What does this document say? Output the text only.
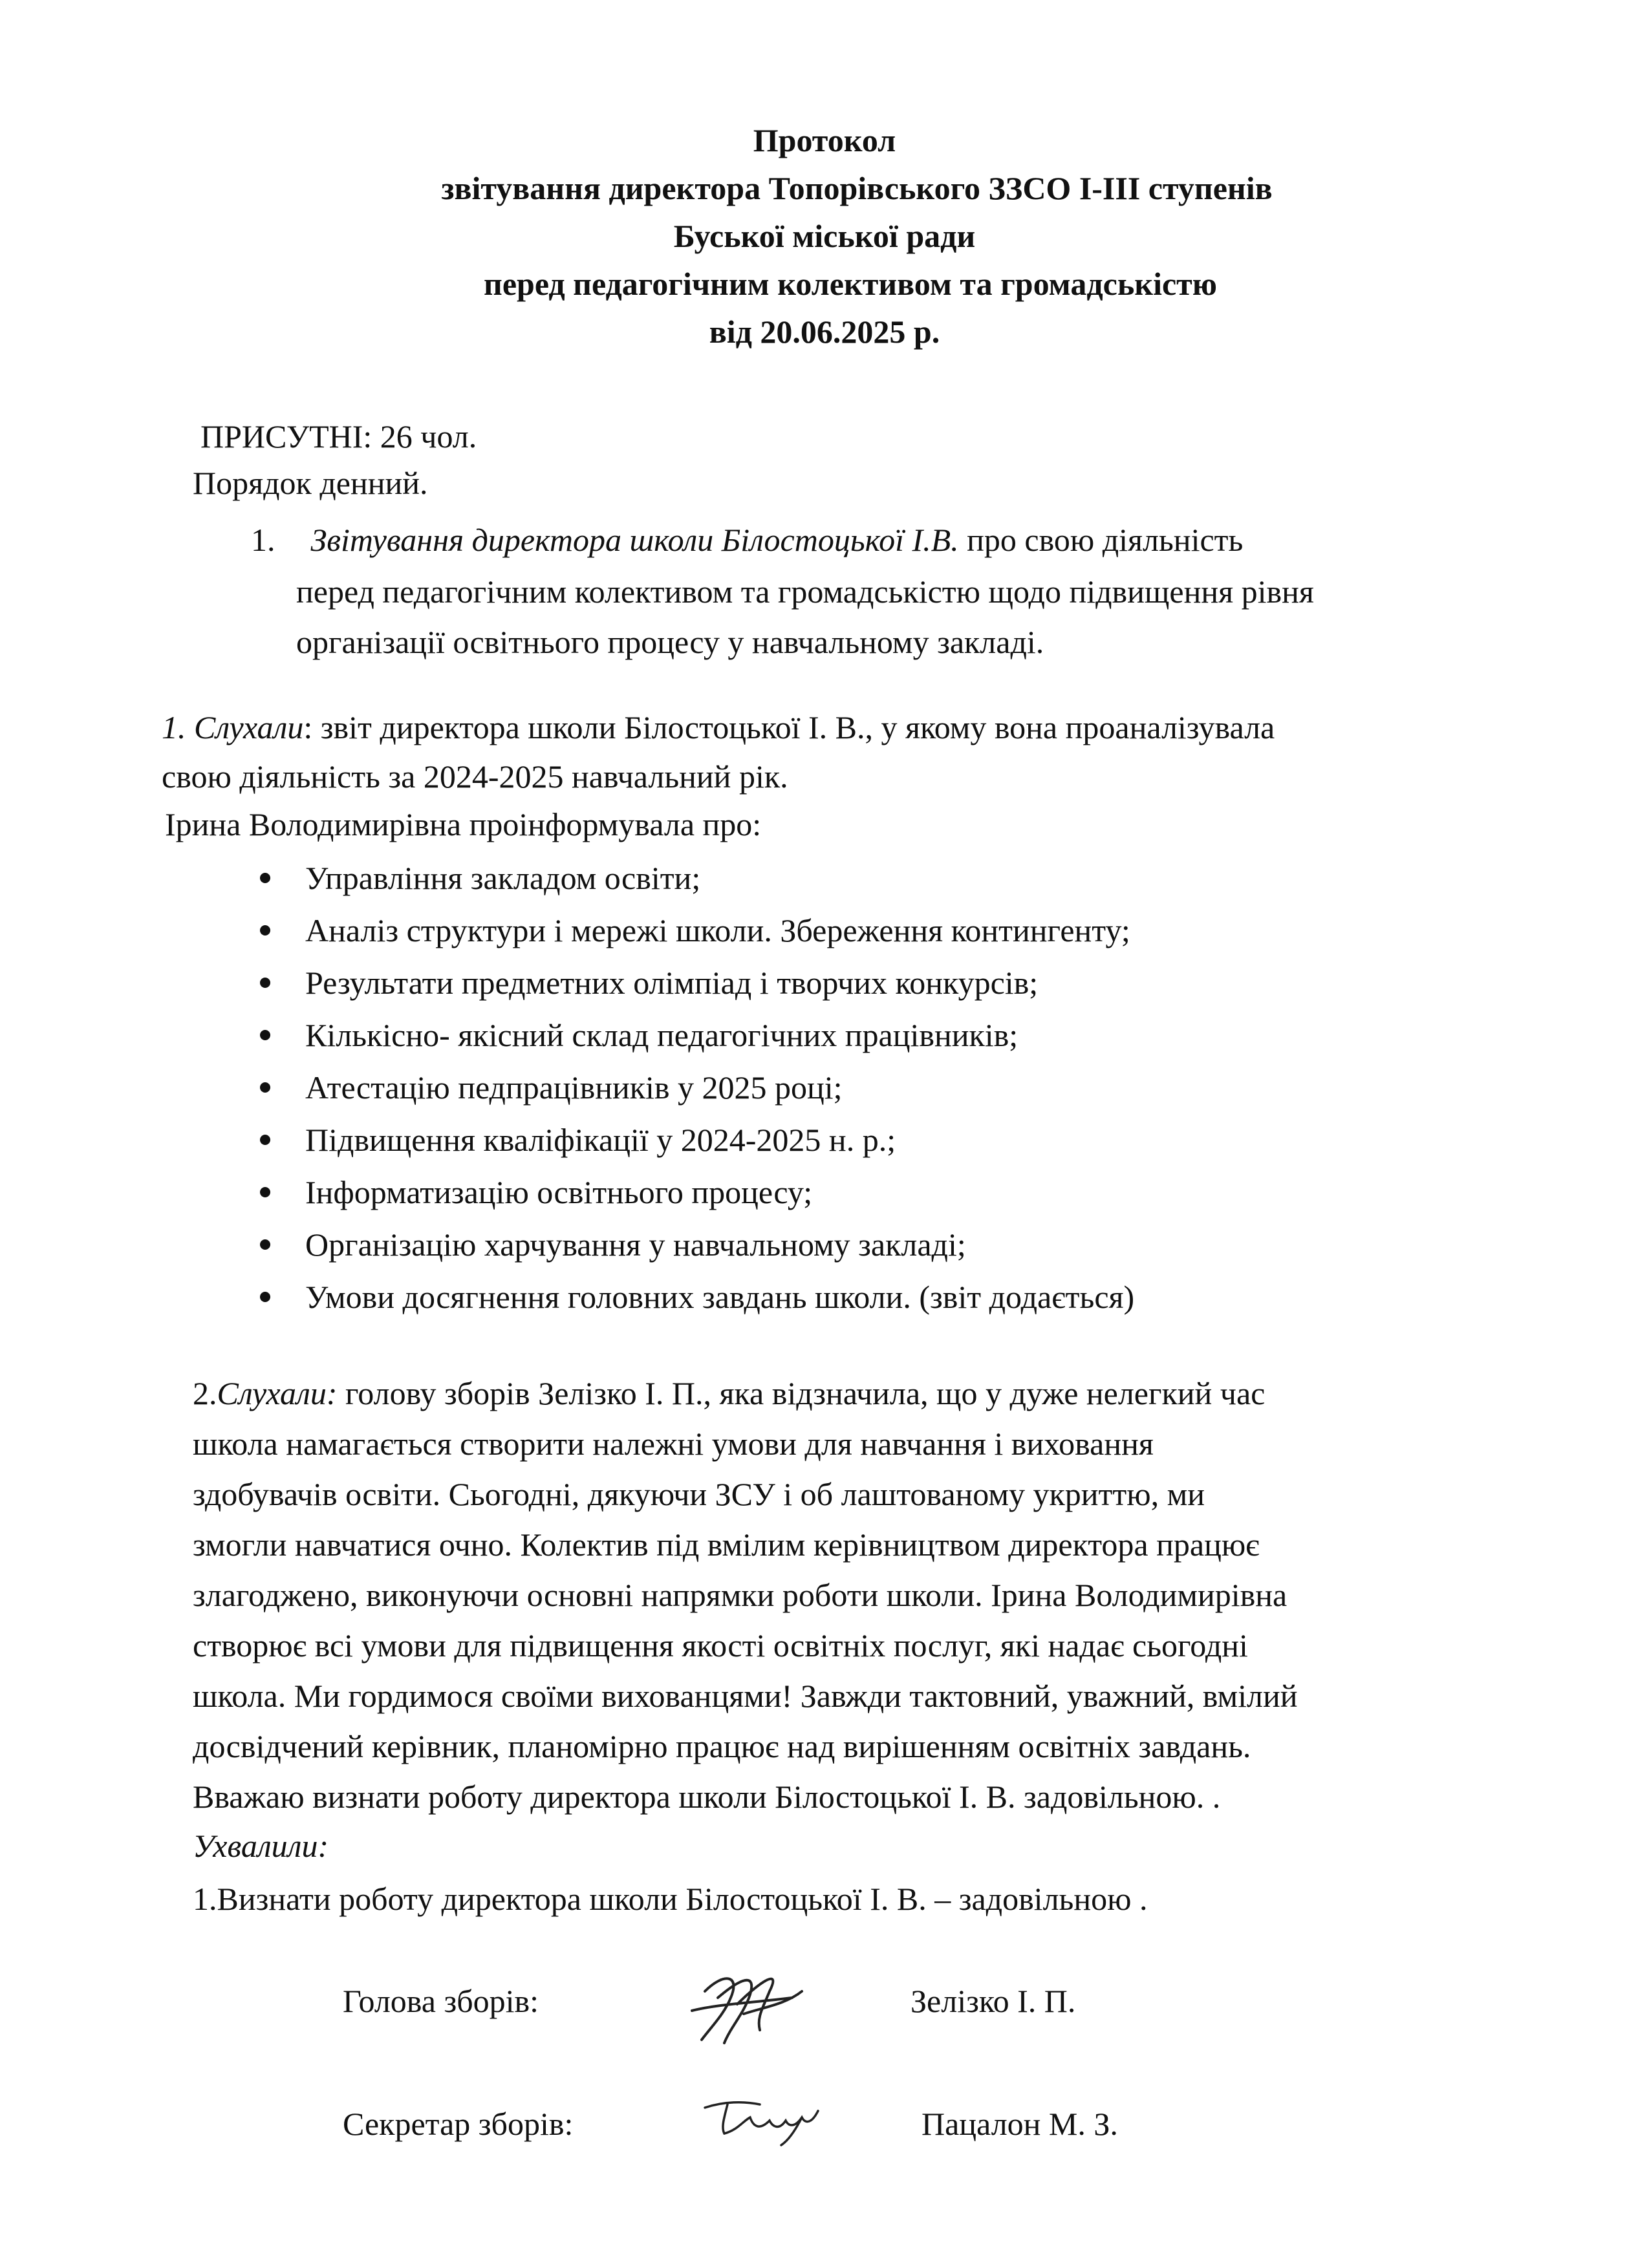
Протокол
звітування директора Топорівського ЗЗСО І-ІІІ ступенів
Буської міської ради
перед педагогічним колективом та громадськістю
від 20.06.2025 р.
ПРИСУТНІ: 26 чол.
Порядок денний.
1. Звітування директора школи Білостоцької І.В. про свою діяльність
перед педагогічним колективом та громадськістю щодо підвищення рівня
організації освітнього процесу у навчальному закладі.
1. Слухали: звіт директора школи Білостоцької І. В., у якому вона проаналізувала
свою діяльність за 2024-2025 навчальний рік.
Ірина Володимирівна проінформувала про:
Управління закладом освіти;
Аналіз структури і мережі школи. Збереження контингенту;
Результати предметних олімпіад і творчих конкурсів;
Кількісно- якісний склад педагогічних працівників;
Атестацію педпрацівників у 2025 році;
Підвищення кваліфікації у 2024-2025 н. р.;
Інформатизацію освітнього процесу;
Організацію харчування у навчальному закладі;
Умови досягнення головних завдань школи. (звіт додається)
2.Слухали: голову зборів Зелізко І. П., яка відзначила, що у дуже нелегкий час
школа намагається створити належні умови для навчання і виховання
здобувачів освіти. Сьогодні, дякуючи ЗСУ і об лаштованому укриттю, ми
змогли навчатися очно. Колектив під вмілим керівництвом директора працює
злагоджено, виконуючи основні напрямки роботи школи. Ірина Володимирівна
створює всі умови для підвищення якості освітніх послуг, які надає сьогодні
школа. Ми гордимося своїми вихованцями! Завжди тактовний, уважний, вмілий
досвідчений керівник, планомірно працює над вирішенням освітніх завдань.
Вважаю визнати роботу директора школи Білостоцької І. В. задовільною. .
Ухвалили:
1.Визнати роботу директора школи Білостоцької І. В. – задовільною .
Голова зборів:	Зелізко І. П.
Секретар зборів:	Пацалон М. З.
